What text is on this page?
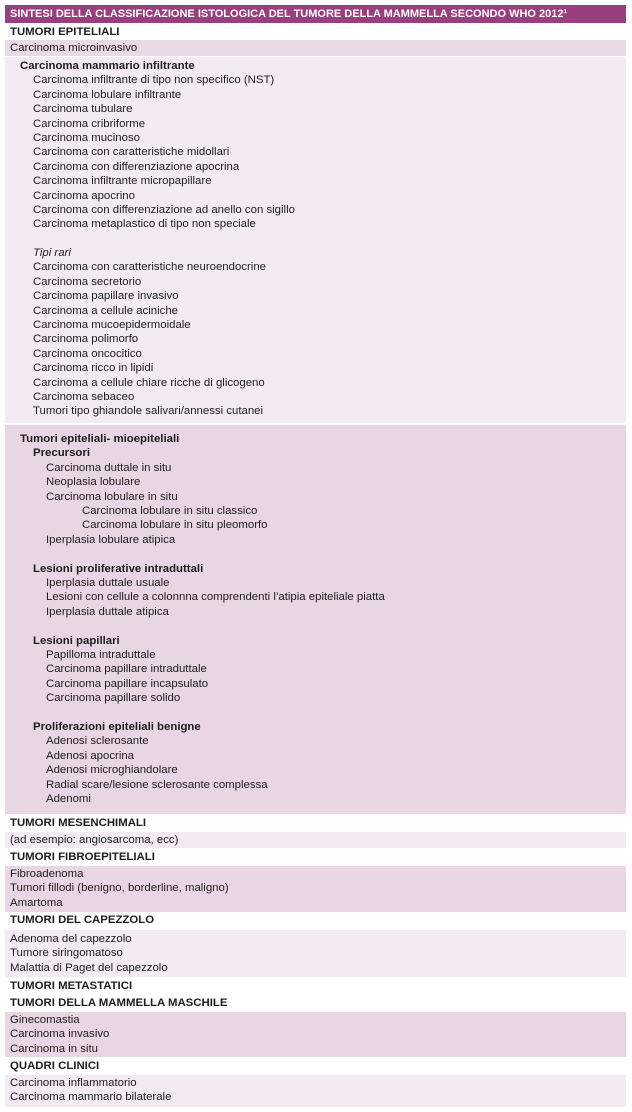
SINTESI DELLA CLASSIFICAZIONE ISTOLOGICA DEL TUMORE DELLA MAMMELLA SECONDO WHO 2012¹
TUMORI EPITELIALI
Carcinoma microinvasivo
Carcinoma mammario infiltrante
Carcinoma infiltrante di tipo non specifico (NST)
Carcinoma lobulare infiltrante
Carcinoma tubulare
Carcinoma cribriforme
Carcinoma mucinoso
Carcinoma con caratteristiche midollari
Carcinoma con differenziazione apocrina
Carcinoma infiltrante micropapillare
Carcinoma apocrino
Carcinoma con differenziazione ad anello con sigillo
Carcinoma metaplastico di tipo non speciale
Tipi rari
Carcinoma con caratteristiche neuroendocrine
Carcinoma secretorio
Carcinoma papillare invasivo
Carcinoma a cellule aciniche
Carcinoma mucoepidermoidale
Carcinoma polimorfo
Carcinoma oncocitico
Carcinoma ricco in lipidi
Carcinoma a cellule chiare ricche di glicogeno
Carcinoma sebaceo
Tumori tipo ghiandole salivari/annessi cutanei
Tumori epiteliali- mioepiteliali
Precursori
Carcinoma duttale in situ
Neoplasia lobulare
Carcinoma lobulare in situ
Carcinoma lobulare in situ classico
Carcinoma lobulare in situ pleomorfo
Iperplasia lobulare atipica
Lesioni proliferative intraduttali
Iperplasia duttale usuale
Lesioni con cellule a colonnna comprendenti l’atipia epiteliale piatta
Iperplasia duttale atipica
Lesioni papillari
Papilloma intraduttale
Carcinoma papillare intraduttale
Carcinoma papillare incapsulato
Carcinoma papillare solido
Proliferazioni epiteliali benigne
Adenosi sclerosante
Adenosi apocrina
Adenosi microghiandolare
Radial scare/lesione sclerosante complessa
Adenomi
TUMORI MESENCHIMALI
(ad esempio: angiosarcoma, ecc)
TUMORI FIBROEPITELIALI
Fibroadenoma
Tumori fillodi (benigno, borderline, maligno)
Amartoma
TUMORI DEL CAPEZZOLO
Adenoma del capezzolo
Tumore siringomatoso
Malattia di Paget del capezzolo
TUMORI METASTATICI
TUMORI DELLA MAMMELLA MASCHILE
Ginecomastia
Carcinoma invasivo
Carcinoma in situ
QUADRI CLINICI
Carcinoma inflammatorio
Carcinoma mammario bilaterale
